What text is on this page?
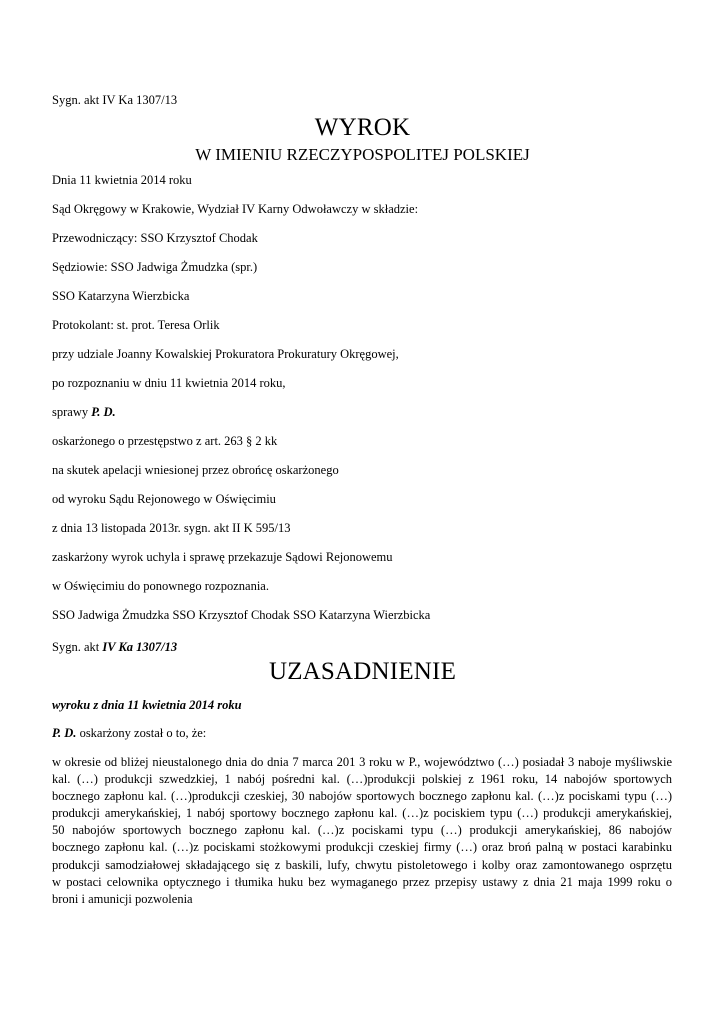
Sygn. akt IV Ka 1307/13
WYROK
W IMIENIU RZECZYPOSPOLITEJ POLSKIEJ
Dnia 11 kwietnia 2014 roku
Sąd Okręgowy w Krakowie, Wydział IV Karny Odwoławczy w składzie:
Przewodniczący: SSO Krzysztof Chodak
Sędziowie: SSO Jadwiga Żmudzka (spr.)
SSO Katarzyna Wierzbicka
Protokolant: st. prot. Teresa Orlik
przy udziale Joanny Kowalskiej Prokuratora Prokuratury Okręgowej,
po rozpoznaniu w dniu 11 kwietnia 2014 roku,
sprawy P. D.
oskarżonego o przestępstwo z art. 263 § 2 kk
na skutek apelacji wniesionej przez obrońcę oskarżonego
od wyroku Sądu Rejonowego w Oświęcimiu
z dnia 13 listopada 2013r. sygn. akt II K 595/13
zaskarżony wyrok uchyla i sprawę przekazuje Sądowi Rejonowemu
w Oświęcimiu do ponownego rozpoznania.
SSO Jadwiga Żmudzka SSO Krzysztof Chodak SSO Katarzyna Wierzbicka
Sygn. akt IV Ka 1307/13
UZASADNIENIE
wyroku z dnia 11 kwietnia 2014 roku
P. D. oskarżony został o to, że:
w okresie od bliżej nieustalonego dnia do dnia 7 marca 201 3 roku w P., województwo (…) posiadał 3 naboje myśliwskie
kal. (…) produkcji szwedzkiej, 1 nabój pośredni kal. (…)produkcji polskiej z 1961 roku, 14 nabojów sportowych
bocznego zapłonu kal. (…)produkcji czeskiej, 30 nabojów sportowych bocznego zapłonu kal. (…)z pociskami typu (…)
produkcji amerykańskiej, 1 nabój sportowy bocznego zapłonu kal. (…)z pociskiem typu (…) produkcji amerykańskiej,
50 nabojów sportowych bocznego zapłonu kal. (…)z pociskami typu (…) produkcji amerykańskiej, 86 nabojów
bocznego zapłonu kal. (…)z pociskami stożkowymi produkcji czeskiej firmy (…) oraz broń palną w postaci karabinku
produkcji samodziałowej składającego się z baskili, lufy, chwytu pistoletowego i kolby oraz zamontowanego osprzętu
w postaci celownika optycznego i tłumika huku bez wymaganego przez przepisy ustawy z dnia 21 maja 1999 roku o
broni i amunicji pozwolenia
